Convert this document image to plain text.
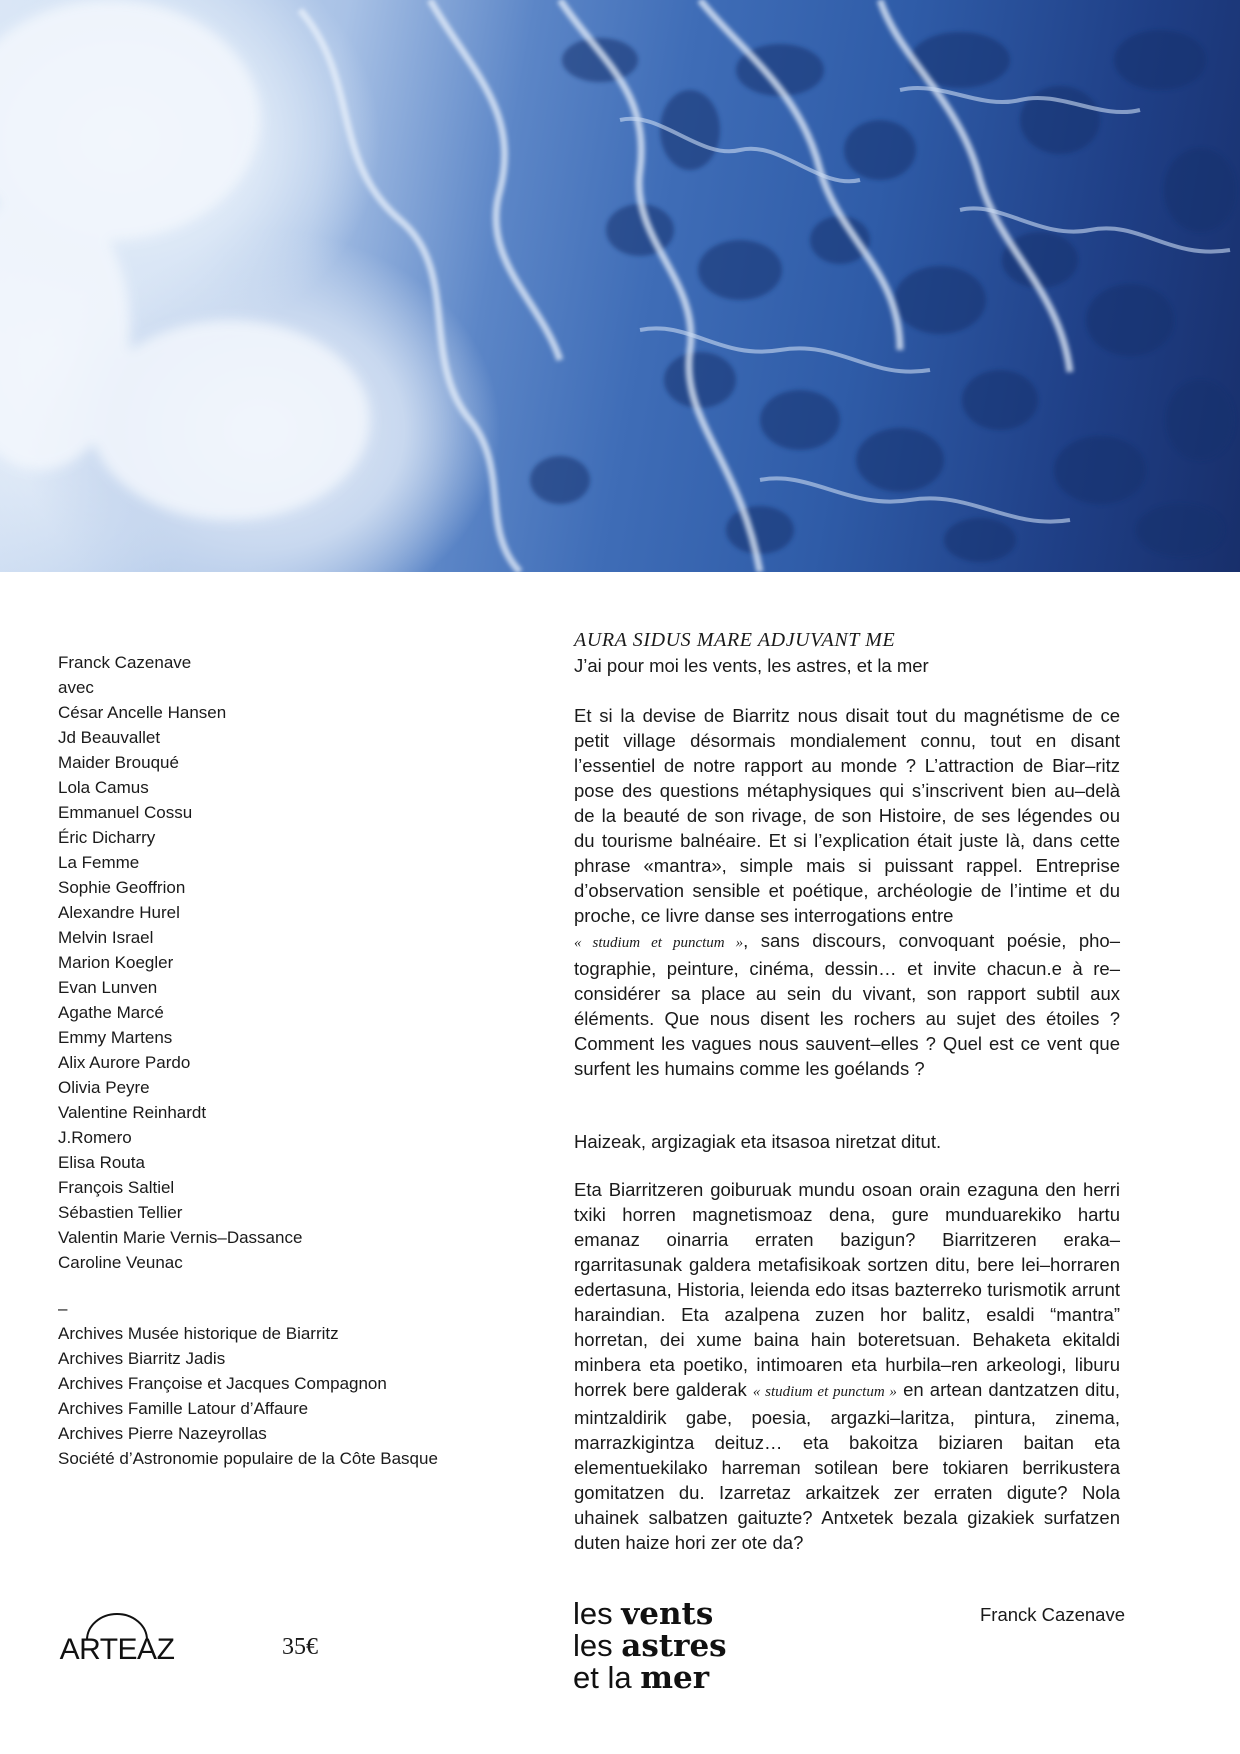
Franck Cazenave
avec
César Ancelle Hansen
Jd Beauvallet
Maider Brouqué
Lola Camus
Emmanuel Cossu
Éric Dicharry
La Femme
Sophie Geoffrion
Alexandre Hurel
Melvin Israel
Marion Koegler
Evan Lunven
Agathe Marcé
Emmy Martens
Alix Aurore Pardo
Olivia Peyre
Valentine Reinhardt
J.Romero
Elisa Routa
François Saltiel
Sébastien Tellier
Valentin Marie Vernis–Dassance
Caroline Veunac
–
Archives Musée historique de Biarritz
Archives Biarritz Jadis
Archives Françoise et Jacques Compagnon
Archives Famille Latour d’Affaure
Archives Pierre Nazeyrollas
Société d’Astronomie populaire de la Côte Basque
AURA SIDUS MARE ADJUVANT ME
J’ai pour moi les vents, les astres, et la mer
Et si la devise de Biarritz nous disait tout du magnétisme de ce petit village désormais mondialement connu, tout en disant l’essentiel de notre rapport au monde ? L’attraction de Biar–ritz pose des questions métaphysiques qui s’inscrivent bien au–delà de la beauté de son rivage, de son Histoire, de ses légendes ou du tourisme balnéaire. Et si l’explication était juste là, dans cette phrase «mantra», simple mais si puissant rappel. Entreprise d’observation sensible et poétique, archéologie de l’intime et du proche, ce livre danse ses interrogations entre
« studium et punctum », sans discours, convoquant poésie, pho–tographie, peinture, cinéma, dessin… et invite chacun.e à re–considérer sa place au sein du vivant, son rapport subtil aux éléments. Que nous disent les rochers au sujet des étoiles ? Comment les vagues nous sauvent–elles ? Quel est ce vent que surfent les humains comme les goélands ?
Haizeak, argizagiak eta itsasoa niretzat ditut.
Eta Biarritzeren goiburuak mundu osoan orain ezaguna den herri txiki horren magnetismoaz dena, gure munduarekiko hartu emanaz oinarria erraten bazigun? Biarritzeren eraka–rgarritasunak galdera metafisikoak sortzen ditu, bere lei–horraren edertasuna, Historia, leienda edo itsas bazterreko turismotik arrunt haraindian. Eta azalpena zuzen hor balitz, esaldi “mantra” horretan, dei xume baina hain boteretsuan. Behaketa ekitaldi minbera eta poetiko, intimoaren eta hurbila–ren arkeologi, liburu horrek bere galderak « studium et punctum » en artean dantzatzen ditu, mintzaldirik gabe, poesia, argazki–laritza, pintura, zinema, marrazkigintza deituz… eta bakoitza biziaren baitan eta elementuekilako harreman sotilean bere tokiaren berrikustera gomitatzen du. Izarretaz arkaitzek zer erraten digute? Nola uhainek salbatzen gaituzte? Antxetek bezala gizakiek surfatzen duten haize hori zer ote da?
ARTEAZ	35€
les vents
les astres
et la mer
Franck Cazenave
